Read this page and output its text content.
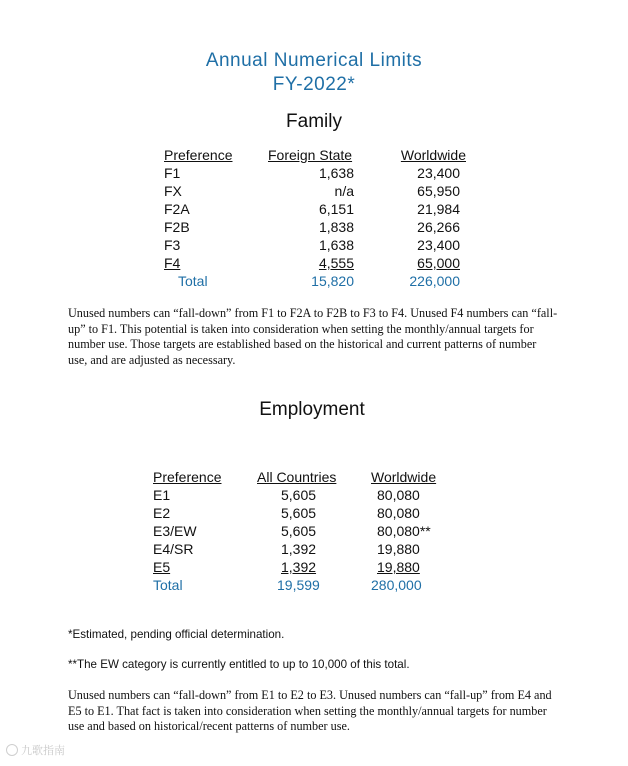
Annual Numerical Limits
FY-2022*
Family
Preference	Foreign State	Worldwide
F1	1,638	23,400
FX	n/a	65,950
F2A	6,151	21,984
F2B	1,838	26,266
F3	1,638	23,400
F4	4,555	65,000
Total	15,820	226,000
Unused numbers can “fall-down” from F1 to F2A to F2B to F3 to F4. Unused F4 numbers can “fall-up” to F1. This potential is taken into consideration when setting the monthly/annual targets for number use. Those targets are established based on the historical and current patterns of number use, and are adjusted as necessary.
Employment
Preference	All Countries	Worldwide
E1	5,605	80,080
E2	5,605	80,080
E3/EW	5,605	80,080**
E4/SR	1,392	19,880
E5	1,392	19,880
Total	19,599	280,000
*Estimated, pending official determination.
**The EW category is currently entitled to up to 10,000 of this total.
Unused numbers can “fall-down” from E1 to E2 to E3. Unused numbers can “fall-up” from E4 and E5 to E1. That fact is taken into consideration when setting the monthly/annual targets for number use and based on historical/recent patterns of number use.
九歌指南
